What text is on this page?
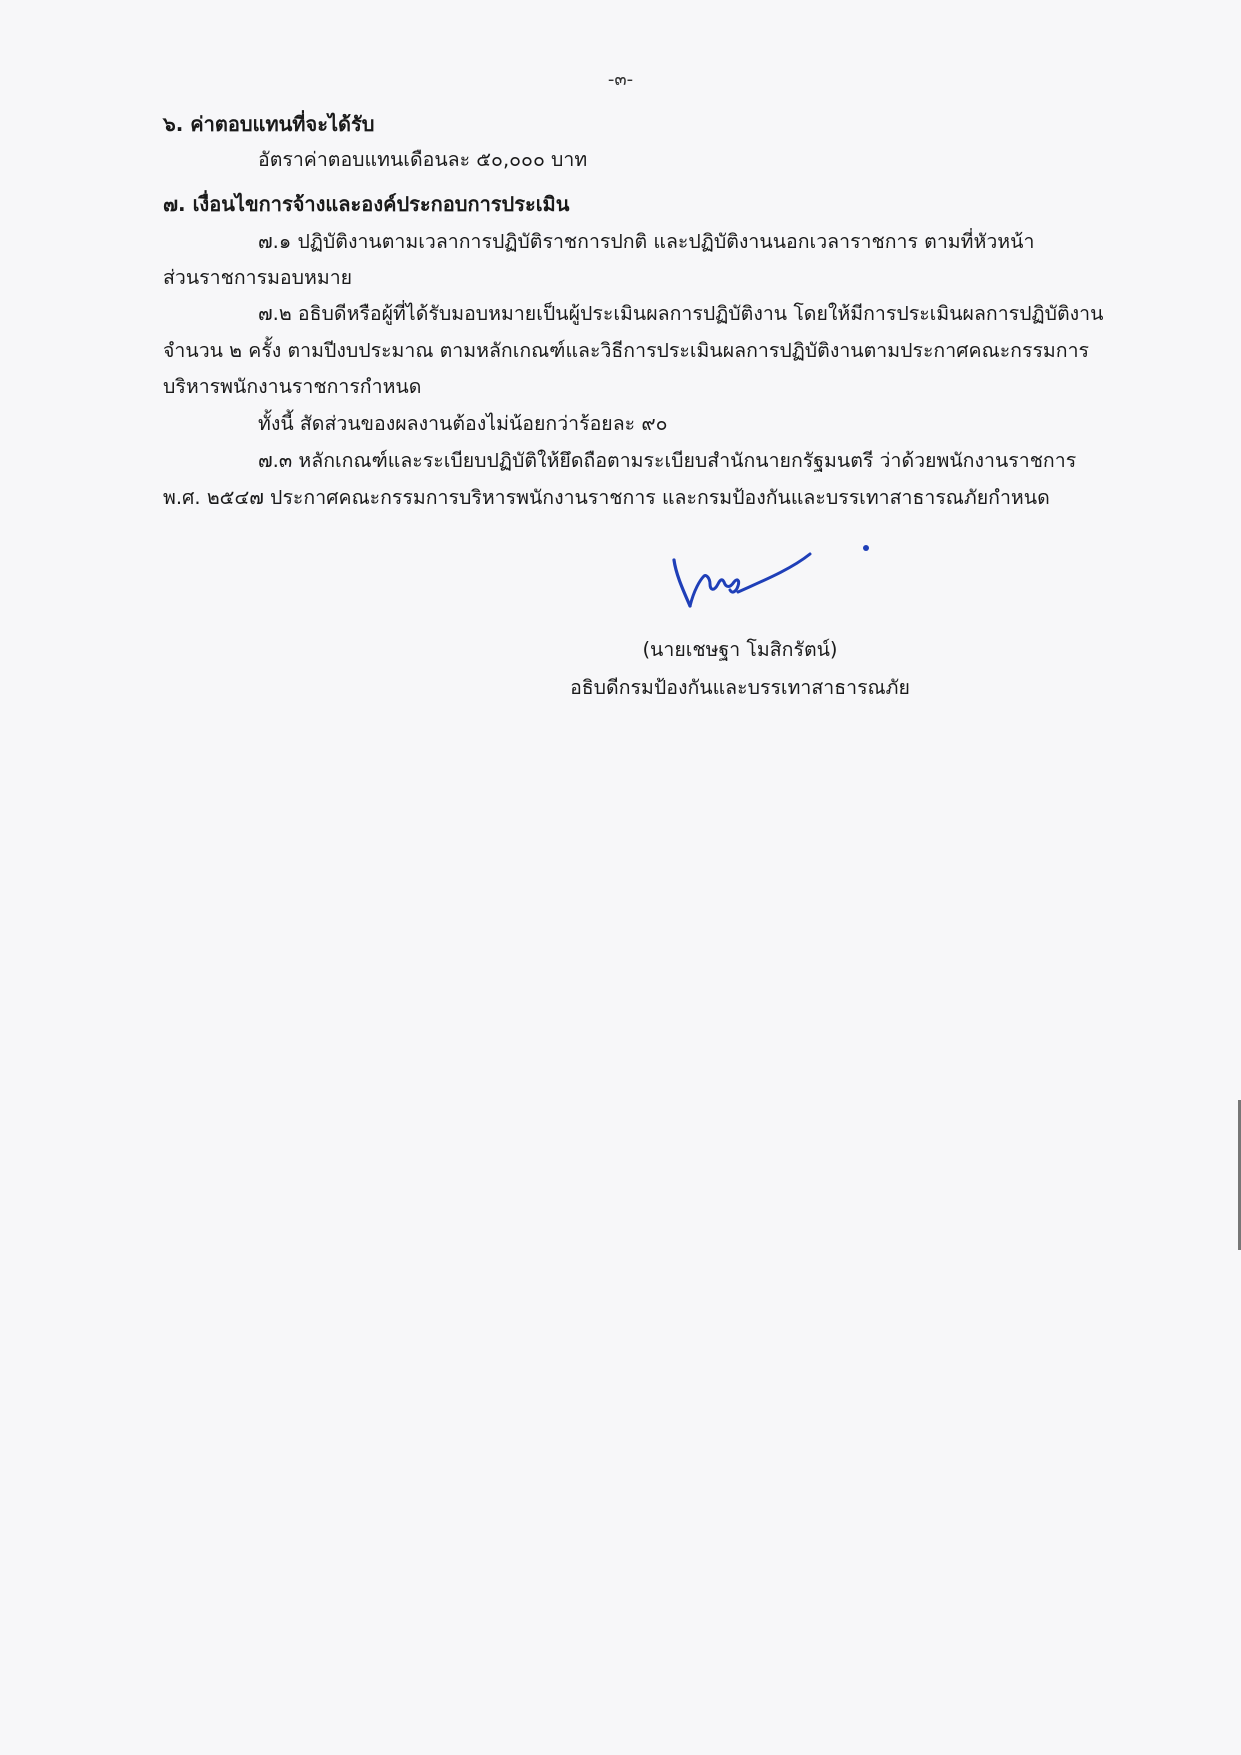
-๓-
๖. ค่าตอบแทนที่จะได้รับ
อัตราค่าตอบแทนเดือนละ ๕๐,๐๐๐ บาท
๗. เงื่อนไขการจ้างและองค์ประกอบการประเมิน
๗.๑ ปฏิบัติงานตามเวลาการปฏิบัติราชการปกติ และปฏิบัติงานนอกเวลาราชการ ตามที่หัวหน้า
ส่วนราชการมอบหมาย
๗.๒ อธิบดีหรือผู้ที่ได้รับมอบหมายเป็นผู้ประเมินผลการปฏิบัติงาน โดยให้มีการประเมินผลการปฏิบัติงาน
จำนวน ๒ ครั้ง ตามปีงบประมาณ ตามหลักเกณฑ์และวิธีการประเมินผลการปฏิบัติงานตามประกาศคณะกรรมการ
บริหารพนักงานราชการกำหนด
ทั้งนี้ สัดส่วนของผลงานต้องไม่น้อยกว่าร้อยละ ๙๐
๗.๓ หลักเกณฑ์และระเบียบปฏิบัติให้ยึดถือตามระเบียบสำนักนายกรัฐมนตรี ว่าด้วยพนักงานราชการ
พ.ศ. ๒๕๔๗ ประกาศคณะกรรมการบริหารพนักงานราชการ และกรมป้องกันและบรรเทาสาธารณภัยกำหนด
(นายเชษฐา โมสิกรัตน์)
อธิบดีกรมป้องกันและบรรเทาสาธารณภัย
